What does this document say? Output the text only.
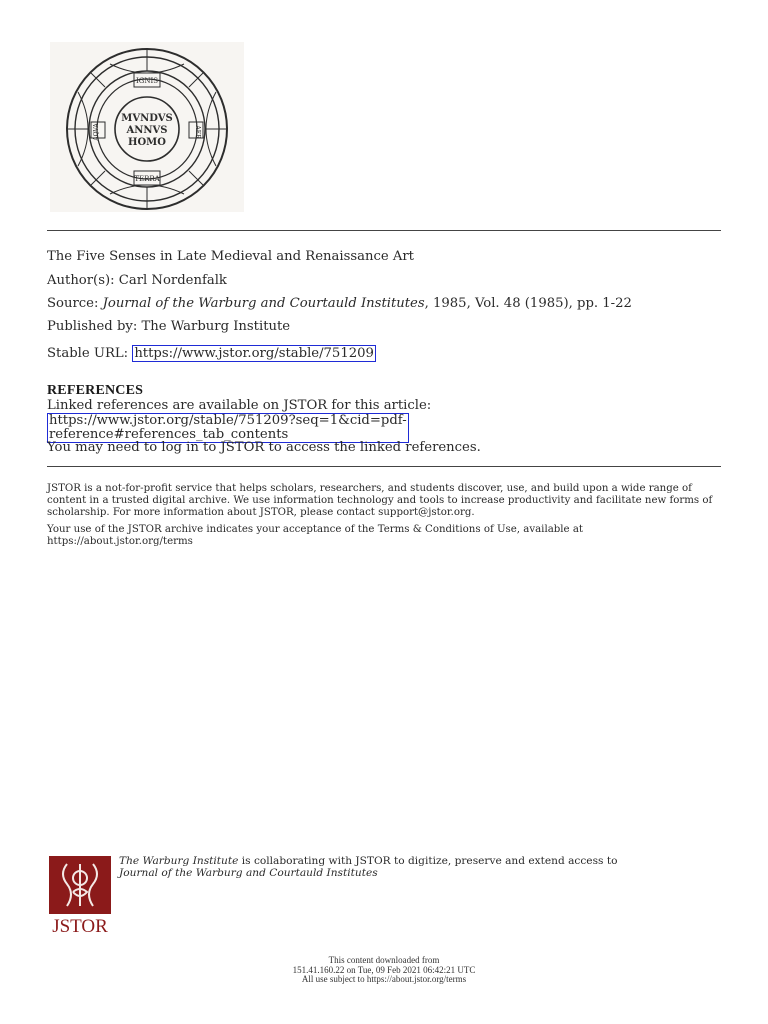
IGNIS
TERRA
AQVA	AER
MVNDVS
ANNVS
HOMO
The Five Senses in Late Medieval and Renaissance Art
Author(s): Carl Nordenfalk
Source: Journal of the Warburg and Courtauld Institutes, 1985, Vol. 48 (1985), pp. 1-22
Published by: The Warburg Institute
Stable URL: https://www.jstor.org/stable/751209
REFERENCES
Linked references are available on JSTOR for this article:
https://www.jstor.org/stable/751209?seq=1&cid=pdf-
reference#references_tab_contents
You may need to log in to JSTOR to access the linked references.
JSTOR is a not-for-profit service that helps scholars, researchers, and students discover, use, and build upon a wide range of content in a trusted digital archive. We use information technology and tools to increase productivity and facilitate new forms of scholarship. For more information about JSTOR, please contact support@jstor.org.
Your use of the JSTOR archive indicates your acceptance of the Terms & Conditions of Use, available at https://about.jstor.org/terms
JSTOR
The Warburg Institute is collaborating with JSTOR to digitize, preserve and extend access to
Journal of the Warburg and Courtauld Institutes
This content downloaded from
151.41.160.22 on Tue, 09 Feb 2021 06:42:21 UTC
All use subject to https://about.jstor.org/terms
